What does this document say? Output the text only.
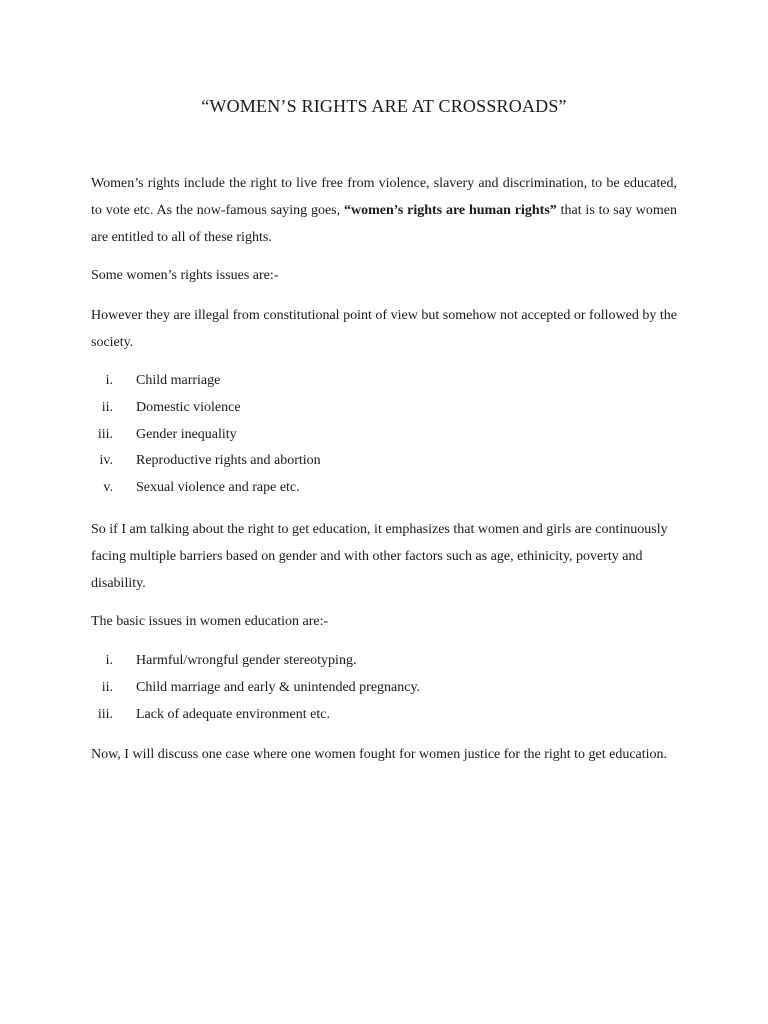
“WOMEN’S RIGHTS ARE AT CROSSROADS”

Women’s rights include the right to live free from violence, slavery and discrimination, to be educated, to vote etc. As the now-famous saying goes, “women’s rights are human rights” that is to say women are entitled to all of these rights.

Some women’s rights issues are:-

However they are illegal from constitutional point of view but somehow not accepted or followed by the society.

i. Child marriage
ii. Domestic violence
iii. Gender inequality
iv. Reproductive rights and abortion
v. Sexual violence and rape etc.

So if I am talking about the right to get education, it emphasizes that women and girls are continuously facing multiple barriers based on gender and with other factors such as age, ethinicity, poverty and disability.

The basic issues in women education are:-

i. Harmful/wrongful gender stereotyping.
ii. Child marriage and early & unintended pregnancy.
iii. Lack of adequate environment etc.

Now, I will discuss one case where one women fought for women justice for the right to get education.
